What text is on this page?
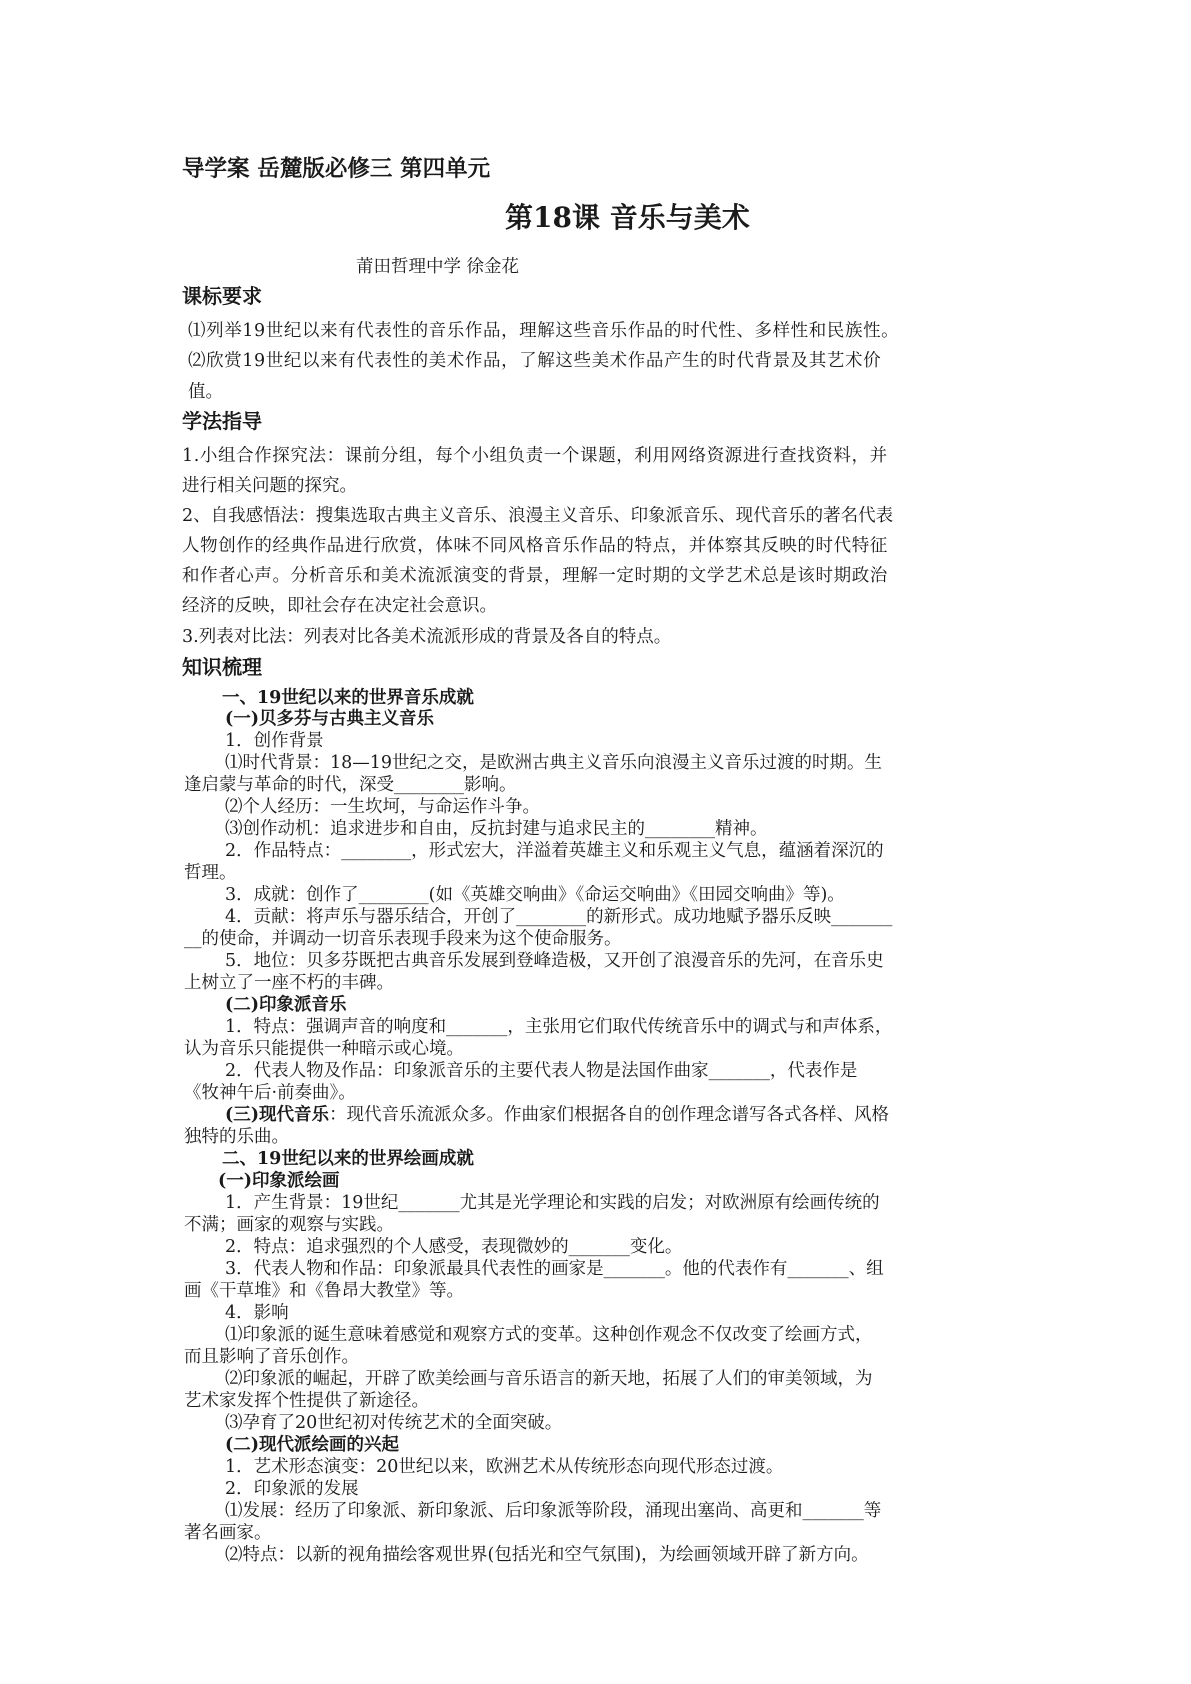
导学案 岳麓版必修三 第四单元
第18课 音乐与美术
莆田哲理中学 徐金花
课标要求
⑴列举19世纪以来有代表性的音乐作品，理解这些音乐作品的时代性、多样性和民族性。
⑵欣赏19世纪以来有代表性的美术作品，了解这些美术作品产生的时代背景及其艺术价
值。
学法指导
1.小组合作探究法：课前分组，每个小组负责一个课题，利用网络资源进行查找资料，并
进行相关问题的探究。
2、自我感悟法：搜集选取古典主义音乐、浪漫主义音乐、印象派音乐、现代音乐的著名代表
人物创作的经典作品进行欣赏，体味不同风格音乐作品的特点，并体察其反映的时代特征
和作者心声。分析音乐和美术流派演变的背景，理解一定时期的文学艺术总是该时期政治
经济的反映，即社会存在决定社会意识。
3.列表对比法：列表对比各美术流派形成的背景及各自的特点。
知识梳理
一、19世纪以来的世界音乐成就
(一)贝多芬与古典主义音乐
1．创作背景
⑴时代背景：18—19世纪之交，是欧洲古典主义音乐向浪漫主义音乐过渡的时期。生
逢启蒙与革命的时代，深受________影响。
⑵个人经历：一生坎坷，与命运作斗争。
⑶创作动机：追求进步和自由，反抗封建与追求民主的________精神。
2．作品特点：________，形式宏大，洋溢着英雄主义和乐观主义气息，蕴涵着深沉的
哲理。
3．成就：创作了________(如《英雄交响曲》《命运交响曲》《田园交响曲》等)。
4．贡献：将声乐与器乐结合，开创了________的新形式。成功地赋予器乐反映_______
__的使命，并调动一切音乐表现手段来为这个使命服务。
5．地位：贝多芬既把古典音乐发展到登峰造极，又开创了浪漫音乐的先河，在音乐史
上树立了一座不朽的丰碑。
(二)印象派音乐
1．特点：强调声音的响度和_______，主张用它们取代传统音乐中的调式与和声体系，
认为音乐只能提供一种暗示或心境。
2．代表人物及作品：印象派音乐的主要代表人物是法国作曲家_______，代表作是
《牧神午后·前奏曲》。
(三)现代音乐：现代音乐流派众多。作曲家们根据各自的创作理念谱写各式各样、风格
独特的乐曲。
二、19世纪以来的世界绘画成就
(一)印象派绘画
1．产生背景：19世纪_______尤其是光学理论和实践的启发；对欧洲原有绘画传统的
不满；画家的观察与实践。
2．特点：追求强烈的个人感受，表现微妙的_______变化。
3．代表人物和作品：印象派最具代表性的画家是_______。他的代表作有_______、组
画《干草堆》和《鲁昂大教堂》等。
4．影响
⑴印象派的诞生意味着感觉和观察方式的变革。这种创作观念不仅改变了绘画方式，
而且影响了音乐创作。
⑵印象派的崛起，开辟了欧美绘画与音乐语言的新天地，拓展了人们的审美领域，为
艺术家发挥个性提供了新途径。
⑶孕育了20世纪初对传统艺术的全面突破。
(二)现代派绘画的兴起
1．艺术形态演变：20世纪以来，欧洲艺术从传统形态向现代形态过渡。
2．印象派的发展
⑴发展：经历了印象派、新印象派、后印象派等阶段，涌现出塞尚、高更和_______等
著名画家。
⑵特点：以新的视角描绘客观世界(包括光和空气氛围)，为绘画领域开辟了新方向。
